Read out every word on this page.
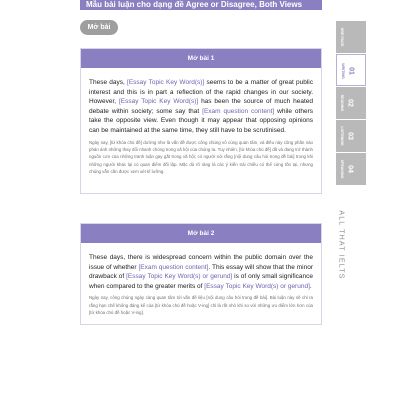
Mẫu bài luận cho dạng đề Agree or Disagree, Both Views
Mở bài
Mở bài 1

These days, [Essay Topic Key Word(s)] seems to be a matter of great public interest and this is in part a reflection of the rapid changes in our society. However, [Essay Topic Key Word(s)] has been the source of much heated debate within society; some say that [Exam question content] while others take the opposite view. Even though it may appear that opposing opinions can be maintained at the same time, they still have to be scrutinised.

Ngày nay, [từ khóa chủ đề] dường như là vấn đề được công chúng vô cùng quan tâm, và điều này cũng phần nào phản ánh những thay đổi nhanh chóng trong xã hội của chúng ta. Tuy nhiên, [từ khóa chủ đề] đã và đang trở thành nguồn cơn của những tranh luận gay gắt trong xã hội; có người nói rằng [nội dung câu hỏi trong đề bài] trong khi những người khác lại có quan điểm đối lập. Mặc dù rõ ràng là các ý kiến trái chiều có thể cùng tồn tại, nhưng chúng vẫn cần được xem xét kĩ lưỡng.

Mở bài 2

These days, there is widespread concern within the public domain over the issue of whether [Exam question content]. This essay will show that the minor drawback of [Essay Topic Key Word(s) or gerund] is of only small significance when compared to the greater merits of [Essay Topic Key Word(s) or gerund].

Ngày nay, công chúng ngày càng quan tâm tới vấn đề liệu [nội dung câu hỏi trong đề bài]. Bài luận này sẽ chỉ ra rằng hạn chế không đáng kể của [từ khóa chủ đề hoặc V-ing] chỉ là rất nhỏ khi so với những ưu điểm lớn hơn của [từ khóa chủ đề hoặc V-ing].

GRE PAGE
01
WRITING
02
READING
03
LISTENING
04
SPEAKING
ALL THAT IELTS
